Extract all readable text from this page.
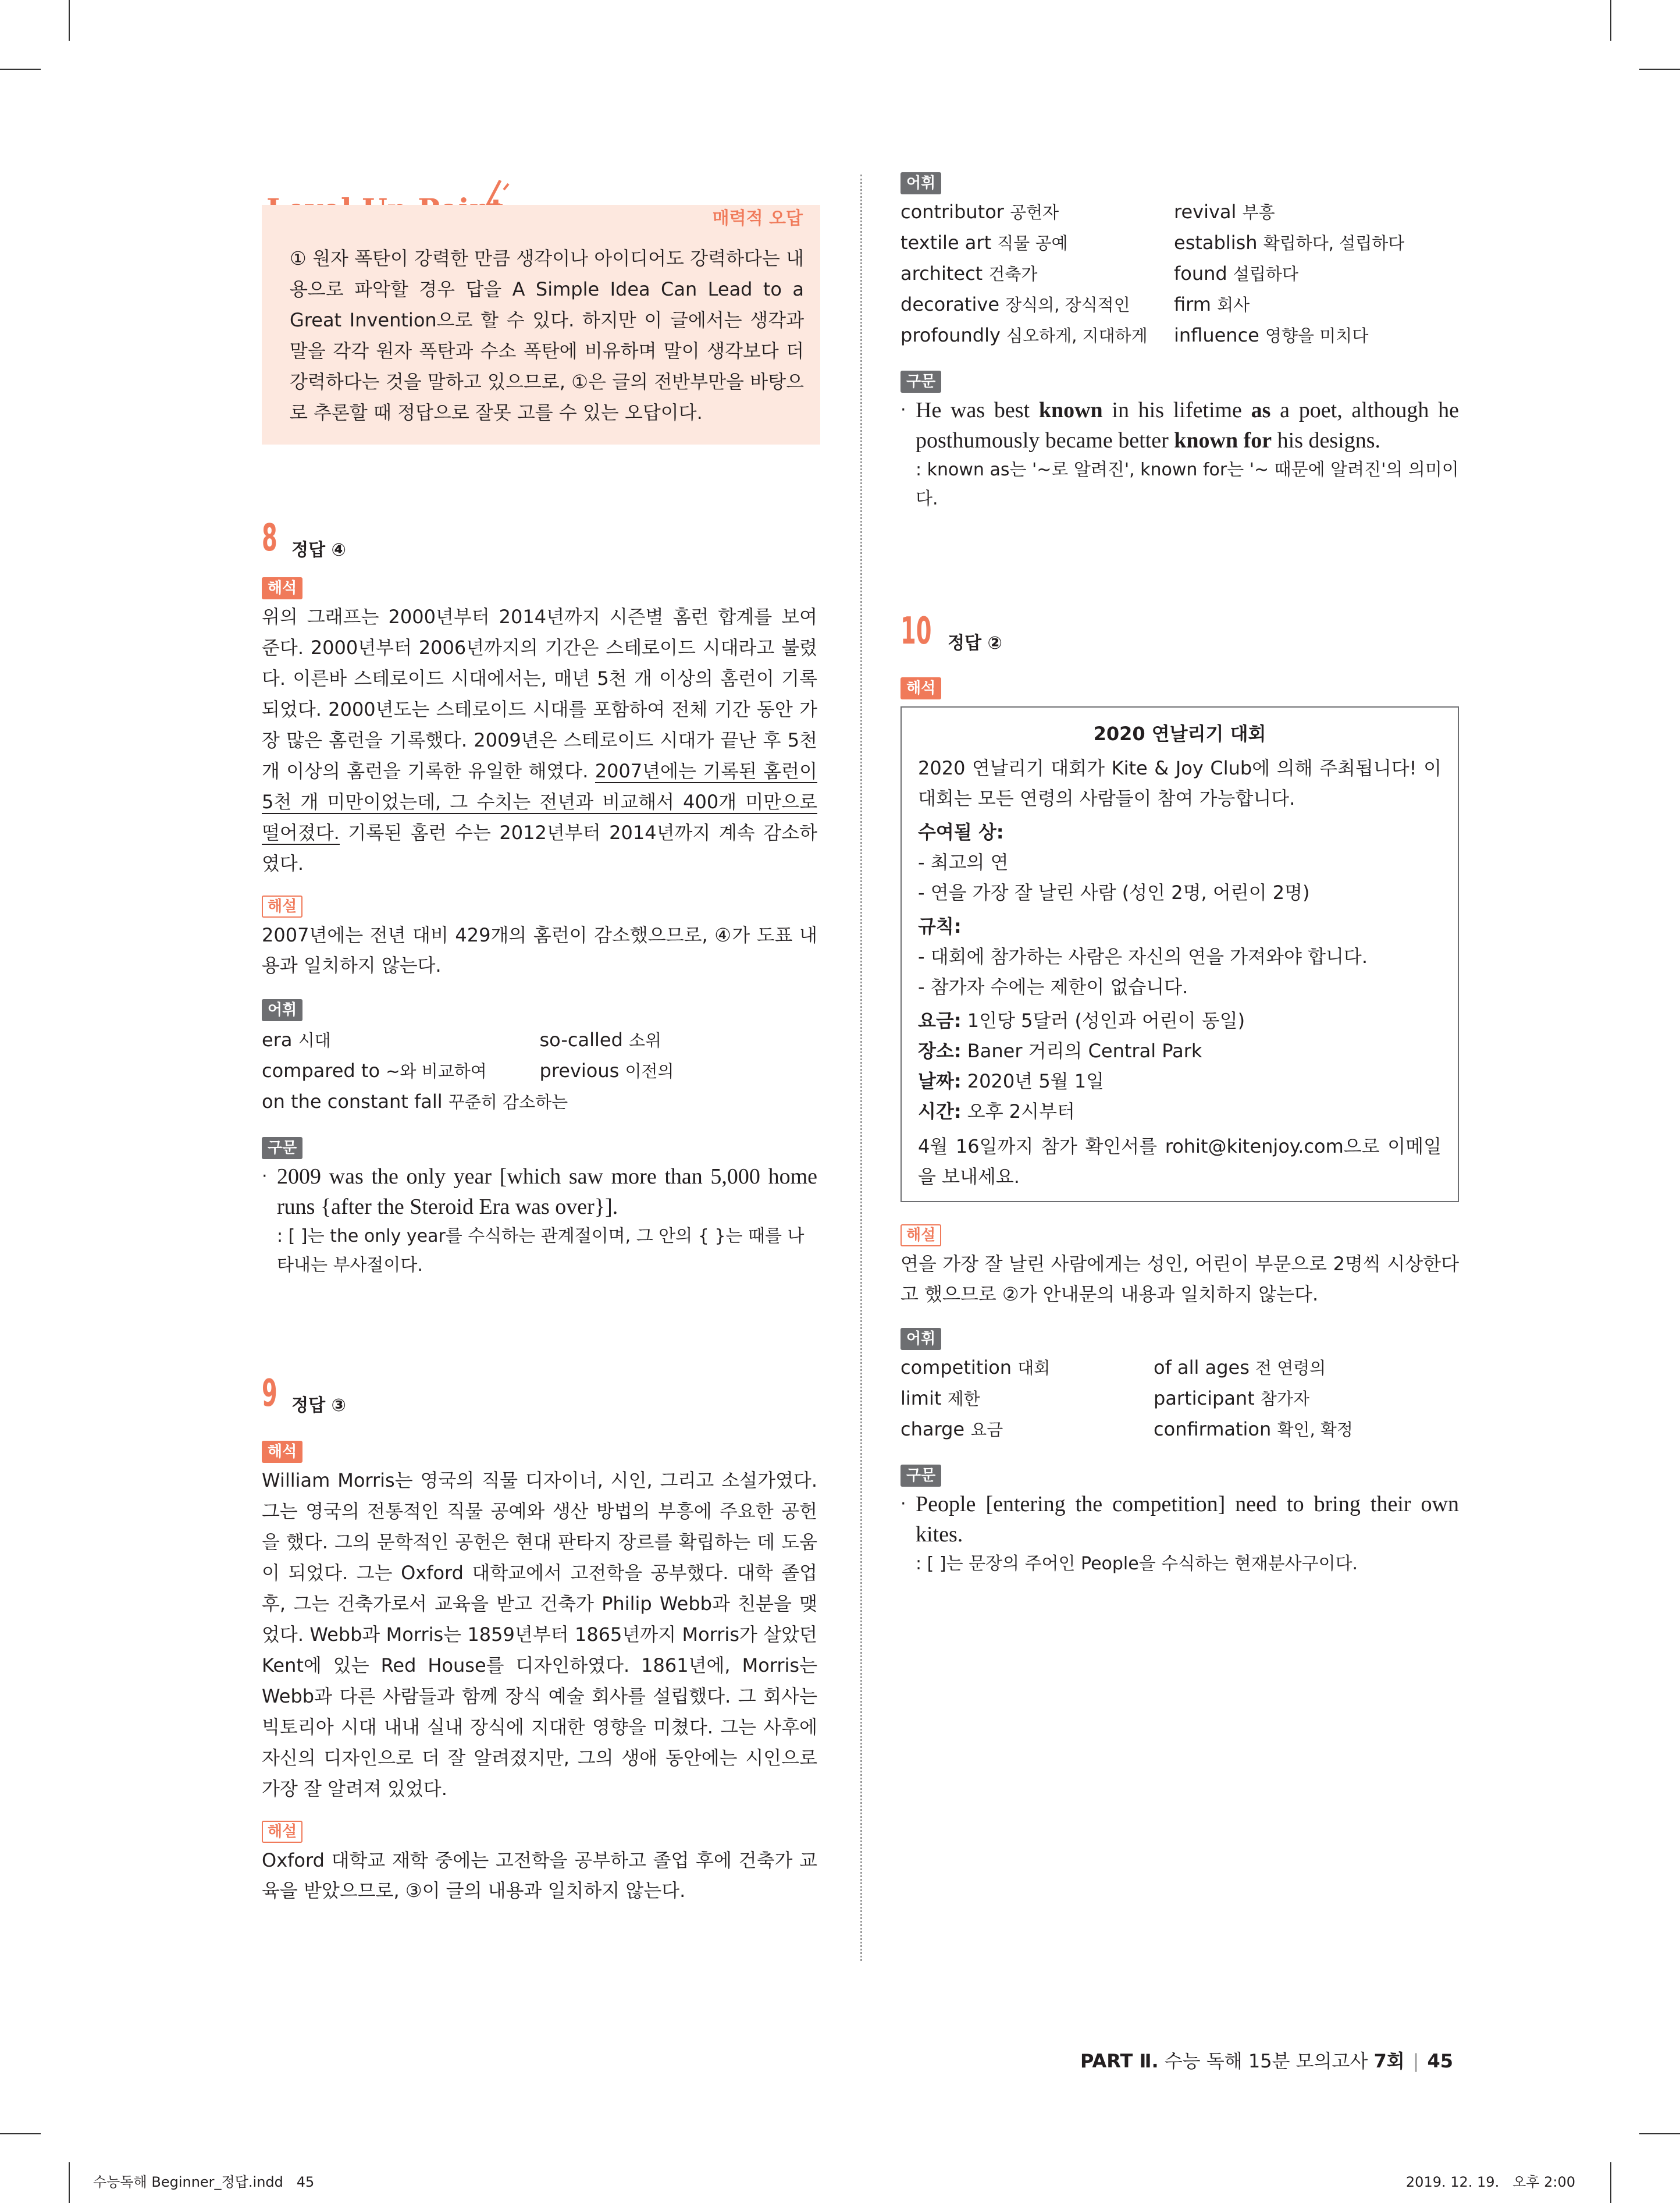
매력적 오답

① 원자 폭탄이 강력한 만큼 생각이나 아이디어도 강력하다는 내용으로 파악할 경우 답을 A Simple Idea Can Lead to a Great Invention으로 할 수 있다. 하지만 이 글에서는 생각과 말을 각각 원자 폭탄과 수소 폭탄에 비유하며 말이 생각보다 더 강력하다는 것을 말하고 있으므로, ①은 글의 전반부만을 바탕으로 추론할 때 정답으로 잘못 고를 수 있는 오답이다.

8 정답 ④

해석

위의 그래프는 2000년부터 2014년까지 시즌별 홈런 합계를 보여 준다. 2000년부터 2006년까지의 기간은 스테로이드 시대라고 불렸다. 이른바 스테로이드 시대에서는, 매년 5천 개 이상의 홈런이 기록되었다. 2000년도는 스테로이드 시대를 포함하여 전체 기간 동안 가장 많은 홈런을 기록했다. 2009년은 스테로이드 시대가 끝난 후 5천 개 이상의 홈런을 기록한 유일한 해였다. 2007년에는 기록된 홈런이 5천 개 미만이었는데, 그 수치는 전년과 비교해서 400개 미만으로 떨어졌다. 기록된 홈런 수는 2012년부터 2014년까지 계속 감소하였다.

해설

2007년에는 전년 대비 429개의 홈런이 감소했으므로, ④가 도표 내용과 일치하지 않는다.

어휘

era 시대	so-called 소위
compared to ~와 비교하여	previous 이전의
on the constant fall 꾸준히 감소하는

구문

· 2009 was the only year [which saw more than 5,000 home runs {after the Steroid Era was over}].

: [ ]는 the only year를 수식하는 관계절이며, 그 안의 { }는 때를 나타내는 부사절이다.

9 정답 ③

해석

William Morris는 영국의 직물 디자이너, 시인, 그리고 소설가였다. 그는 영국의 전통적인 직물 공예와 생산 방법의 부흥에 주요한 공헌을 했다. 그의 문학적인 공헌은 현대 판타지 장르를 확립하는 데 도움이 되었다. 그는 Oxford 대학교에서 고전학을 공부했다. 대학 졸업 후, 그는 건축가로서 교육을 받고 건축가 Philip Webb과 친분을 맺었다. Webb과 Morris는 1859년부터 1865년까지 Morris가 살았던 Kent에 있는 Red House를 디자인하였다. 1861년에, Morris는 Webb과 다른 사람들과 함께 장식 예술 회사를 설립했다. 그 회사는 빅토리아 시대 내내 실내 장식에 지대한 영향을 미쳤다. 그는 사후에 자신의 디자인으로 더 잘 알려졌지만, 그의 생애 동안에는 시인으로 가장 잘 알려져 있었다.

해설

Oxford 대학교 재학 중에는 고전학을 공부하고 졸업 후에 건축가 교육을 받았으므로, ③이 글의 내용과 일치하지 않는다.

어휘

contributor 공헌자	revival 부흥
textile art 직물 공예	establish 확립하다, 설립하다
architect 건축가	found 설립하다
decorative 장식의, 장식적인	firm 회사
profoundly 심오하게, 지대하게	influence 영향을 미치다

구문

· He was best known in his lifetime as a poet, although he posthumously became better known for his designs.

: known as는 '~로 알려진', known for는 '~ 때문에 알려진'의 의미이다.

10 정답 ②

해석

2020 연날리기 대회

2020 연날리기 대회가 Kite & Joy Club에 의해 주최됩니다! 이 대회는 모든 연령의 사람들이 참여 가능합니다.

수여될 상:

- 최고의 연

- 연을 가장 잘 날린 사람 (성인 2명, 어린이 2명)

규칙:

- 대회에 참가하는 사람은 자신의 연을 가져와야 합니다.

- 참가자 수에는 제한이 없습니다.

요금: 1인당 5달러 (성인과 어린이 동일)

장소: Baner 거리의 Central Park

날짜: 2020년 5월 1일

시간: 오후 2시부터

4월 16일까지 참가 확인서를 rohit@kitenjoy.com으로 이메일을 보내세요.

해설

연을 가장 잘 날린 사람에게는 성인, 어린이 부문으로 2명씩 시상한다고 했으므로 ②가 안내문의 내용과 일치하지 않는다.

어휘

competition 대회	of all ages 전 연령의
limit 제한	participant 참가자
charge 요금	confirmation 확인, 확정

구문

· People [entering the competition] need to bring their own kites.

: [ ]는 문장의 주어인 People을 수식하는 현재분사구이다.

PART Ⅱ. 수능 독해 15분 모의고사 7회 | 45
수능독해 Beginner_정답.indd   45	2019. 12. 19.   오후 2:00
